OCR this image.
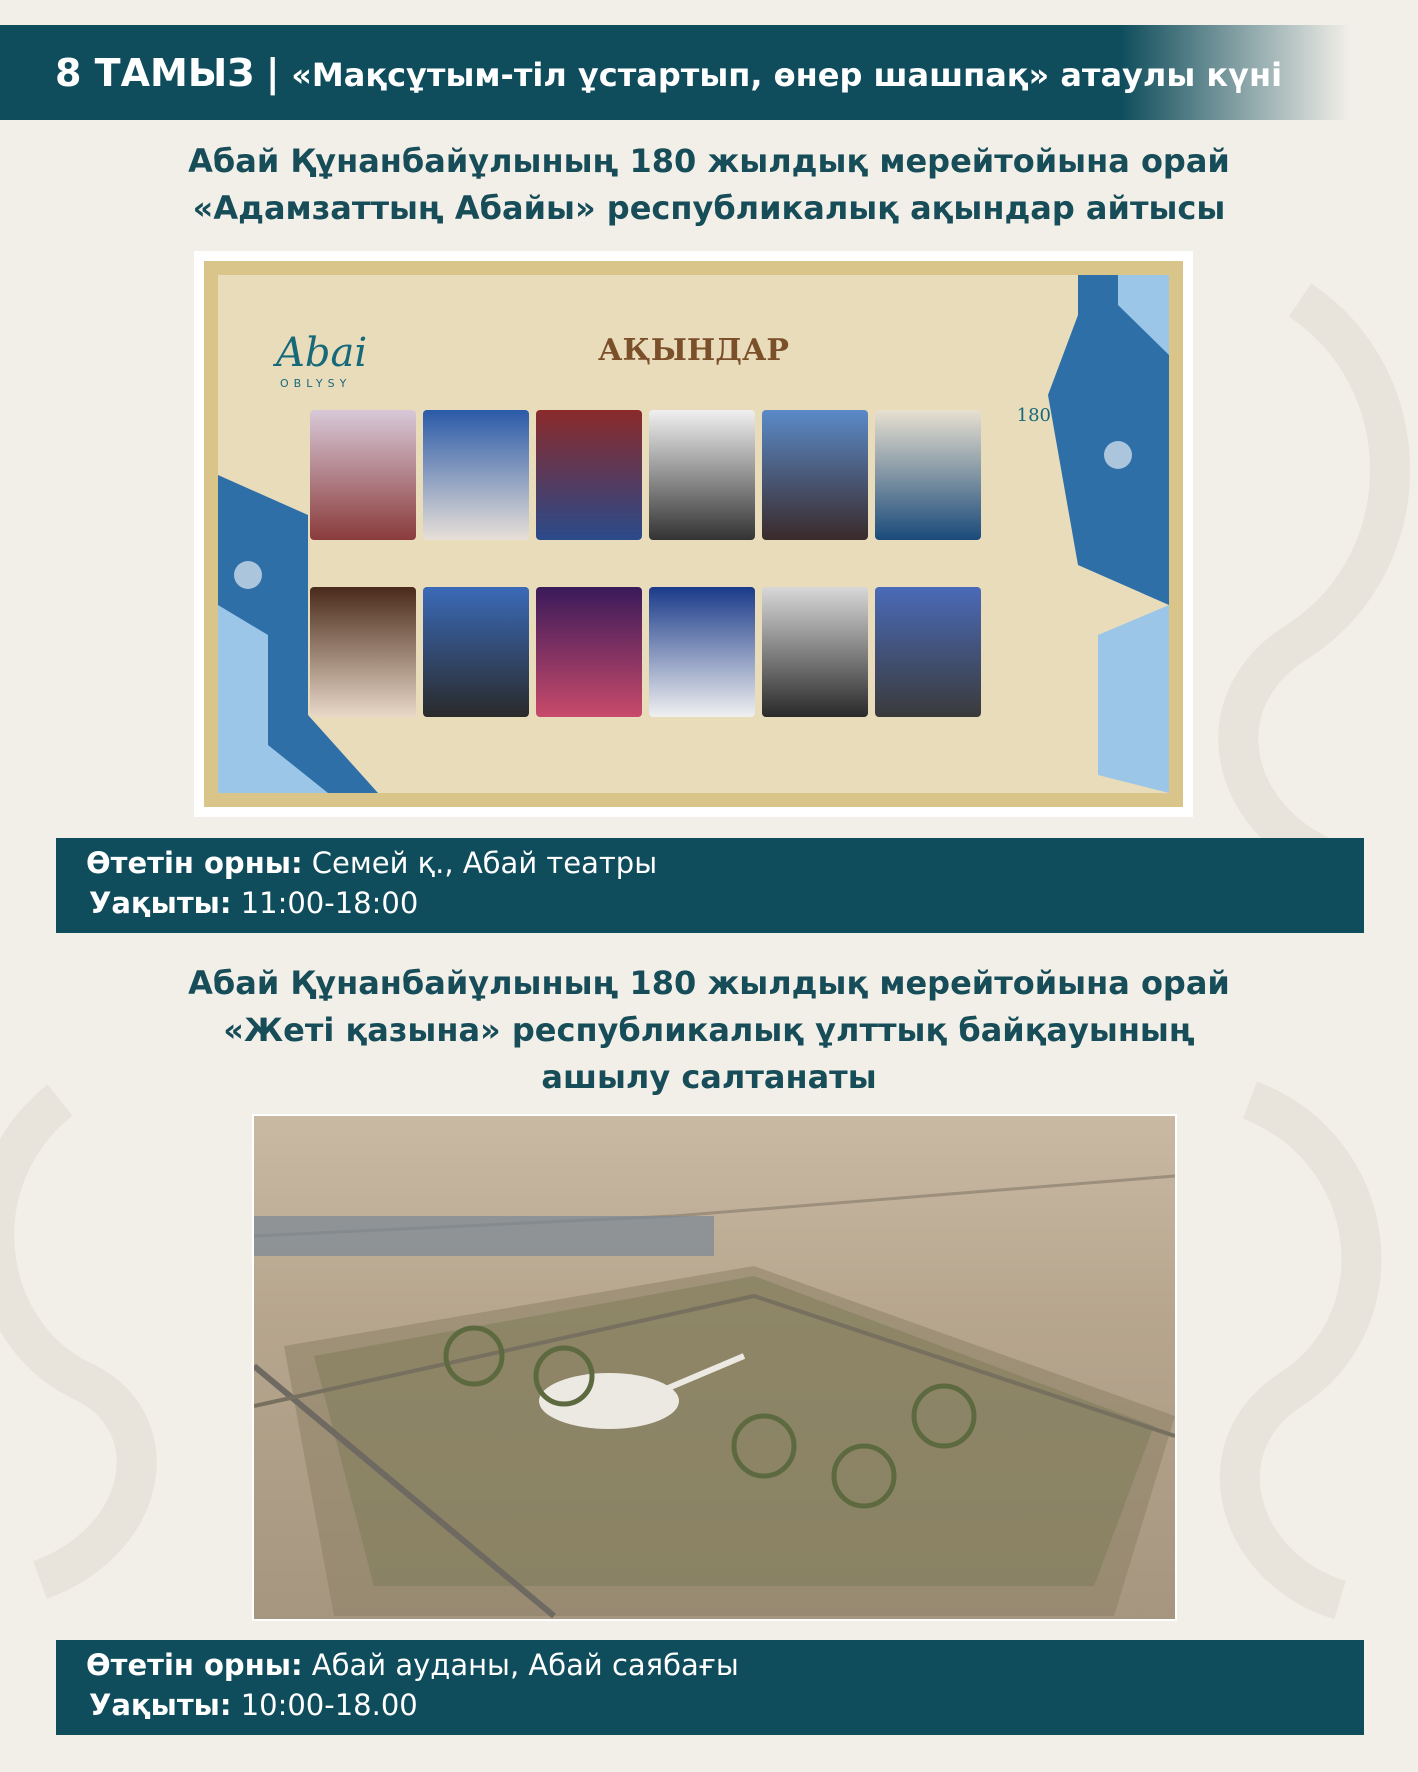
8 ТАМЫЗ | «Мақсұтым-тіл ұстартып, өнер шашпақ» атаулы күні
Абай Құнанбайұлының 180 жылдық мерейтойына орай
«Адамзаттың Абайы» республикалық ақындар айтысы
Abai
OBLYSY
АҚЫНДАР
180
Өтетін орны: Семей қ., Абай театры
Уақыты: 11:00-18:00
Абай Құнанбайұлының 180 жылдық мерейтойына орай
«Жеті қазына» республикалық ұлттық байқауының
ашылу салтанаты
Өтетін орны: Абай ауданы, Абай саябағы
Уақыты: 10:00-18.00
